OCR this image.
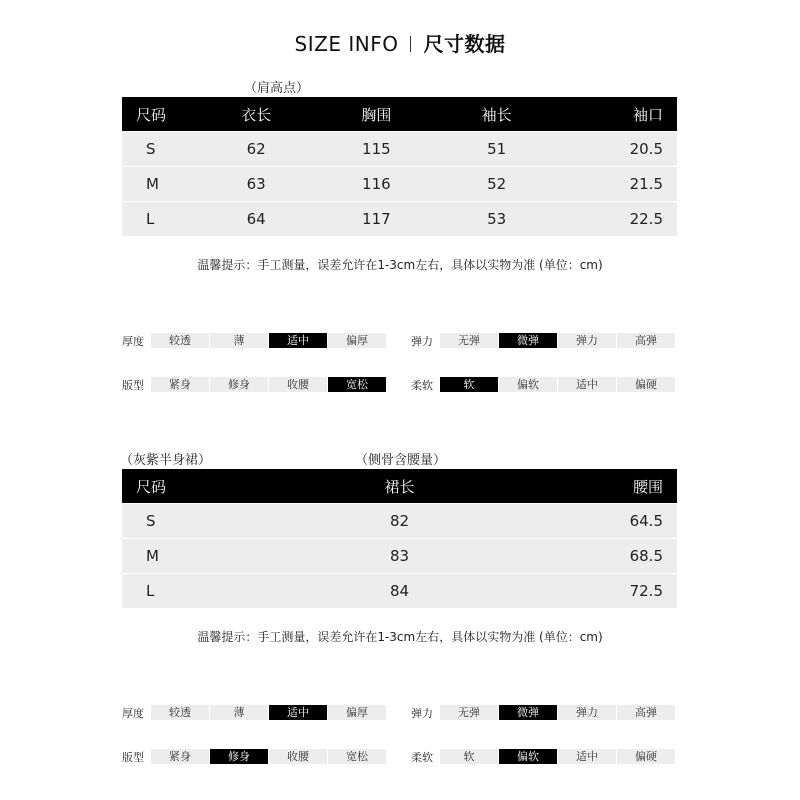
SIZE INFO 尺寸数据
（肩高点）
尺码	衣长	胸围	袖长	袖口
S	62	115	51	20.5
M	63	116	52	21.5
L	64	117	53	22.5
温馨提示：手工测量，误差允许在1-3cm左右，具体以实物为准 (单位：cm)
厚度	较透	薄	适中	偏厚	弹力	无弹	微弹	弹力	高弹
版型	紧身	修身	收腰	宽松	柔软	软	偏软	适中	偏硬
（灰紫半身裙）	（侧骨含腰量）
尺码	裙长	腰围
S	82	64.5
M	83	68.5
L	84	72.5
温馨提示：手工测量，误差允许在1-3cm左右，具体以实物为准 (单位：cm)
厚度	较透	薄	适中	偏厚	弹力	无弹	微弹	弹力	高弹
版型	紧身	修身	收腰	宽松	柔软	软	偏软	适中	偏硬
